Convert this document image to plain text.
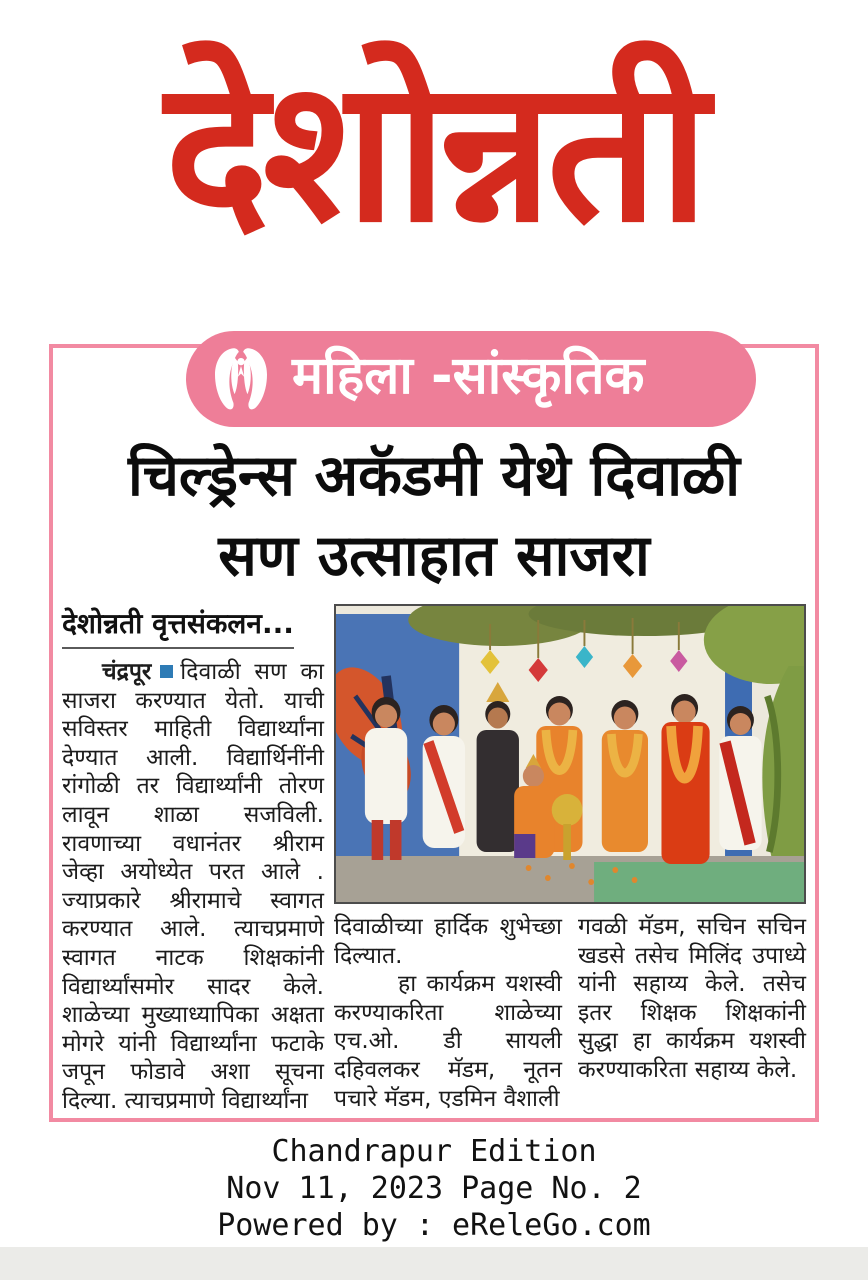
देशोन्नती
महिला -सांस्कृतिक
चिल्ड्रेन्स अकॅडमी येथे दिवाळी
सण उत्साहात साजरा
देशोन्नती वृत्तसंकलन...

चंद्रपूर दिवाळी सण का साजरा करण्यात येतो. याची सविस्तर माहिती विद्यार्थ्यांना देण्यात आली. विद्यार्थिनींनी रांगोळी तर विद्यार्थ्यांनी तोरण लावून शाळा सजविली. रावणाच्या वधानंतर श्रीराम जेव्हा अयोध्येत परत आले . ज्याप्रकारे श्रीरामाचे स्वागत करण्यात आले. त्याचप्रमाणे स्वागत नाटक शिक्षकांनी विद्यार्थ्यांसमोर सादर केले. शाळेच्या मुख्याध्यापिका अक्षता मोगरे यांनी विद्यार्थ्यांना फटाके जपून फोडावे अशा सूचना दिल्या. त्याचप्रमाणे विद्यार्थ्यांना

दिवाळीच्या हार्दिक शुभेच्छा दिल्यात.

हा कार्यक्रम यशस्वी करण्याकरिता शाळेच्या एच.ओ. डी सायली दहिवलकर मॅडम, नूतन पचारे मॅडम, एडमिन वैशाली

गवळी मॅडम, सचिन सचिन खडसे तसेच मिलिंद उपाध्ये यांनी सहाय्य केले. तसेच इतर शिक्षक शिक्षकांनी सुद्धा हा कार्यक्रम यशस्वी करण्याकरिता सहाय्य केले.

Chandrapur Edition
Nov 11, 2023 Page No. 2
Powered by : eReleGo.com
